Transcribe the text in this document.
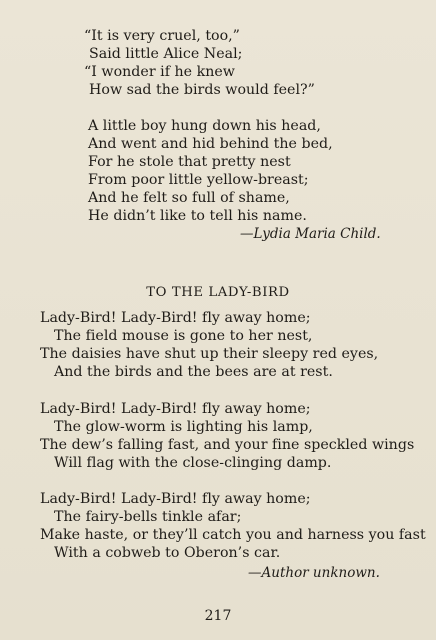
“It is very cruel, too,”
Said little Alice Neal;
“I wonder if he knew
How sad the birds would feel?”
A little boy hung down his head,
And went and hid behind the bed,
For he stole that pretty nest
From poor little yellow-breast;
And he felt so full of shame,
He didn’t like to tell his name.
—Lydia Maria Child.
TO THE LADY-BIRD
Lady-Bird! Lady-Bird! fly away home;
The field mouse is gone to her nest,
The daisies have shut up their sleepy red eyes,
And the birds and the bees are at rest.
Lady-Bird! Lady-Bird! fly away home;
The glow-worm is lighting his lamp,
The dew’s falling fast, and your fine speckled wings
Will flag with the close-clinging damp.
Lady-Bird! Lady-Bird! fly away home;
The fairy-bells tinkle afar;
Make haste, or they’ll catch you and harness you fast
With a cobweb to Oberon’s car.
—Author unknown.
217
